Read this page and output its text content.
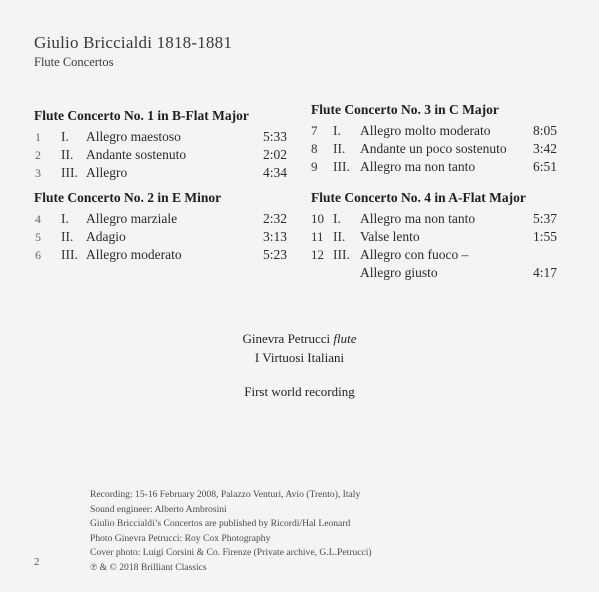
Giulio Briccialdi 1818-1881
Flute Concertos
Flute Concerto No. 1 in B-Flat Major
1 I. Allegro maestoso	5:33
2 II. Andante sostenuto	2:02
3 III. Allegro	4:34
Flute Concerto No. 2 in E Minor
4 I. Allegro marziale	2:32
5 II. Adagio	3:13
6 III. Allegro moderato	5:23
Flute Concerto No. 3 in C Major
7 I. Allegro molto moderato	8:05
8 II. Andante un poco sostenuto 3:42
9 III. Allegro ma non tanto	6:51
Flute Concerto No. 4 in A-Flat Major
10 I. Allegro ma non tanto	5:37
11 II. Valse lento	1:55
12 III. Allegro con fuoco –
Allegro giusto	4:17
Ginevra Petrucci flute
I Virtuosi Italiani
First world recording
Recording: 15-16 February 2008, Palazzo Venturi, Avio (Trento), Italy
Sound engineer: Alberto Ambrosini
Giulio Briccialdi’s Concertos are published by Ricordi/Hal Leonard
Photo Ginevra Petrucci: Roy Cox Photography
Cover photo: Luigi Corsini & Co. Firenze (Private archive, G.L.Petrucci)
℗ & © 2018 Brilliant Classics
2
